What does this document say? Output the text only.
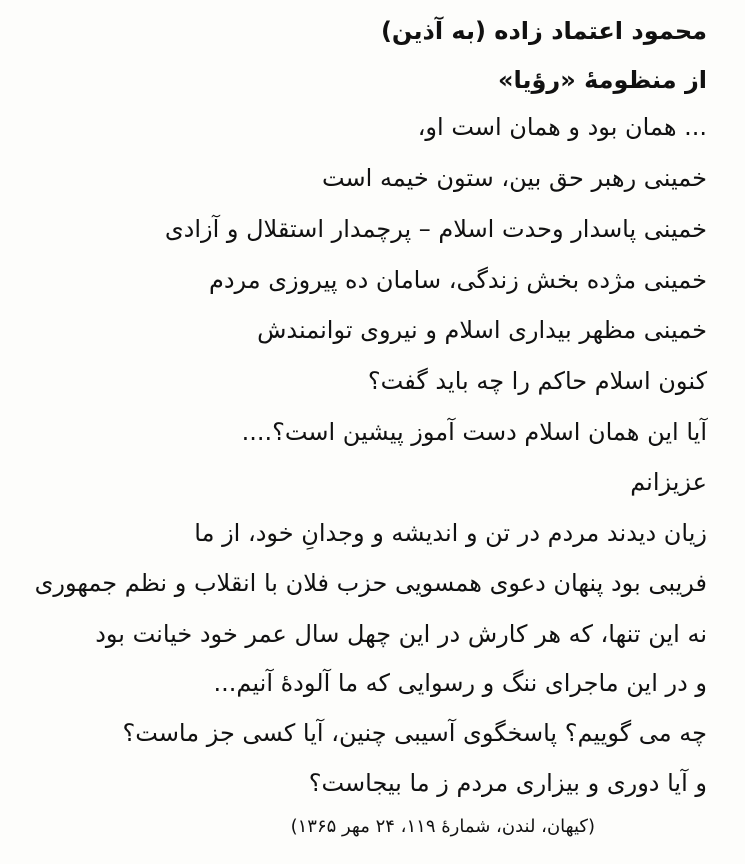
محمود اعتماد زاده (به آذین)
از منظومهٔ «رؤیا»
... همان بود و همان است او،
خمینی رهبر حق بین، ستون خیمه است
خمینی پاسدار وحدت اسلام – پرچمدار استقلال و آزادی
خمینی مژده بخش زندگی، سامان ده پیروزی مردم
خمینی مظهر بیداری اسلام و نیروی توانمندش
کنون اسلام حاکم را چه باید گفت؟
آیا این همان اسلام دست آموز پیشین است؟....
عزیزانم
زیان دیدند مردم در تن و اندیشه و وجدانِ خود، از ما
فریبی بود پنهان دعوی همسویی حزب فلان با انقلاب و نظم جمهوری
نه این تنها، که هر کارش در این چهل سال عمر خود خیانت بود
و در این ماجرای ننگ و رسوایی که ما آلودهٔ آنیم...
چه می گوییم؟ پاسخگوی آسیبی چنین، آیا کسی جز ماست؟
و آیا دوری و بیزاری مردم ز ما بیجاست؟
(کیهان، لندن، شمارهٔ ۱۱۹، ۲۴ مهر ۱۳۶۵)
